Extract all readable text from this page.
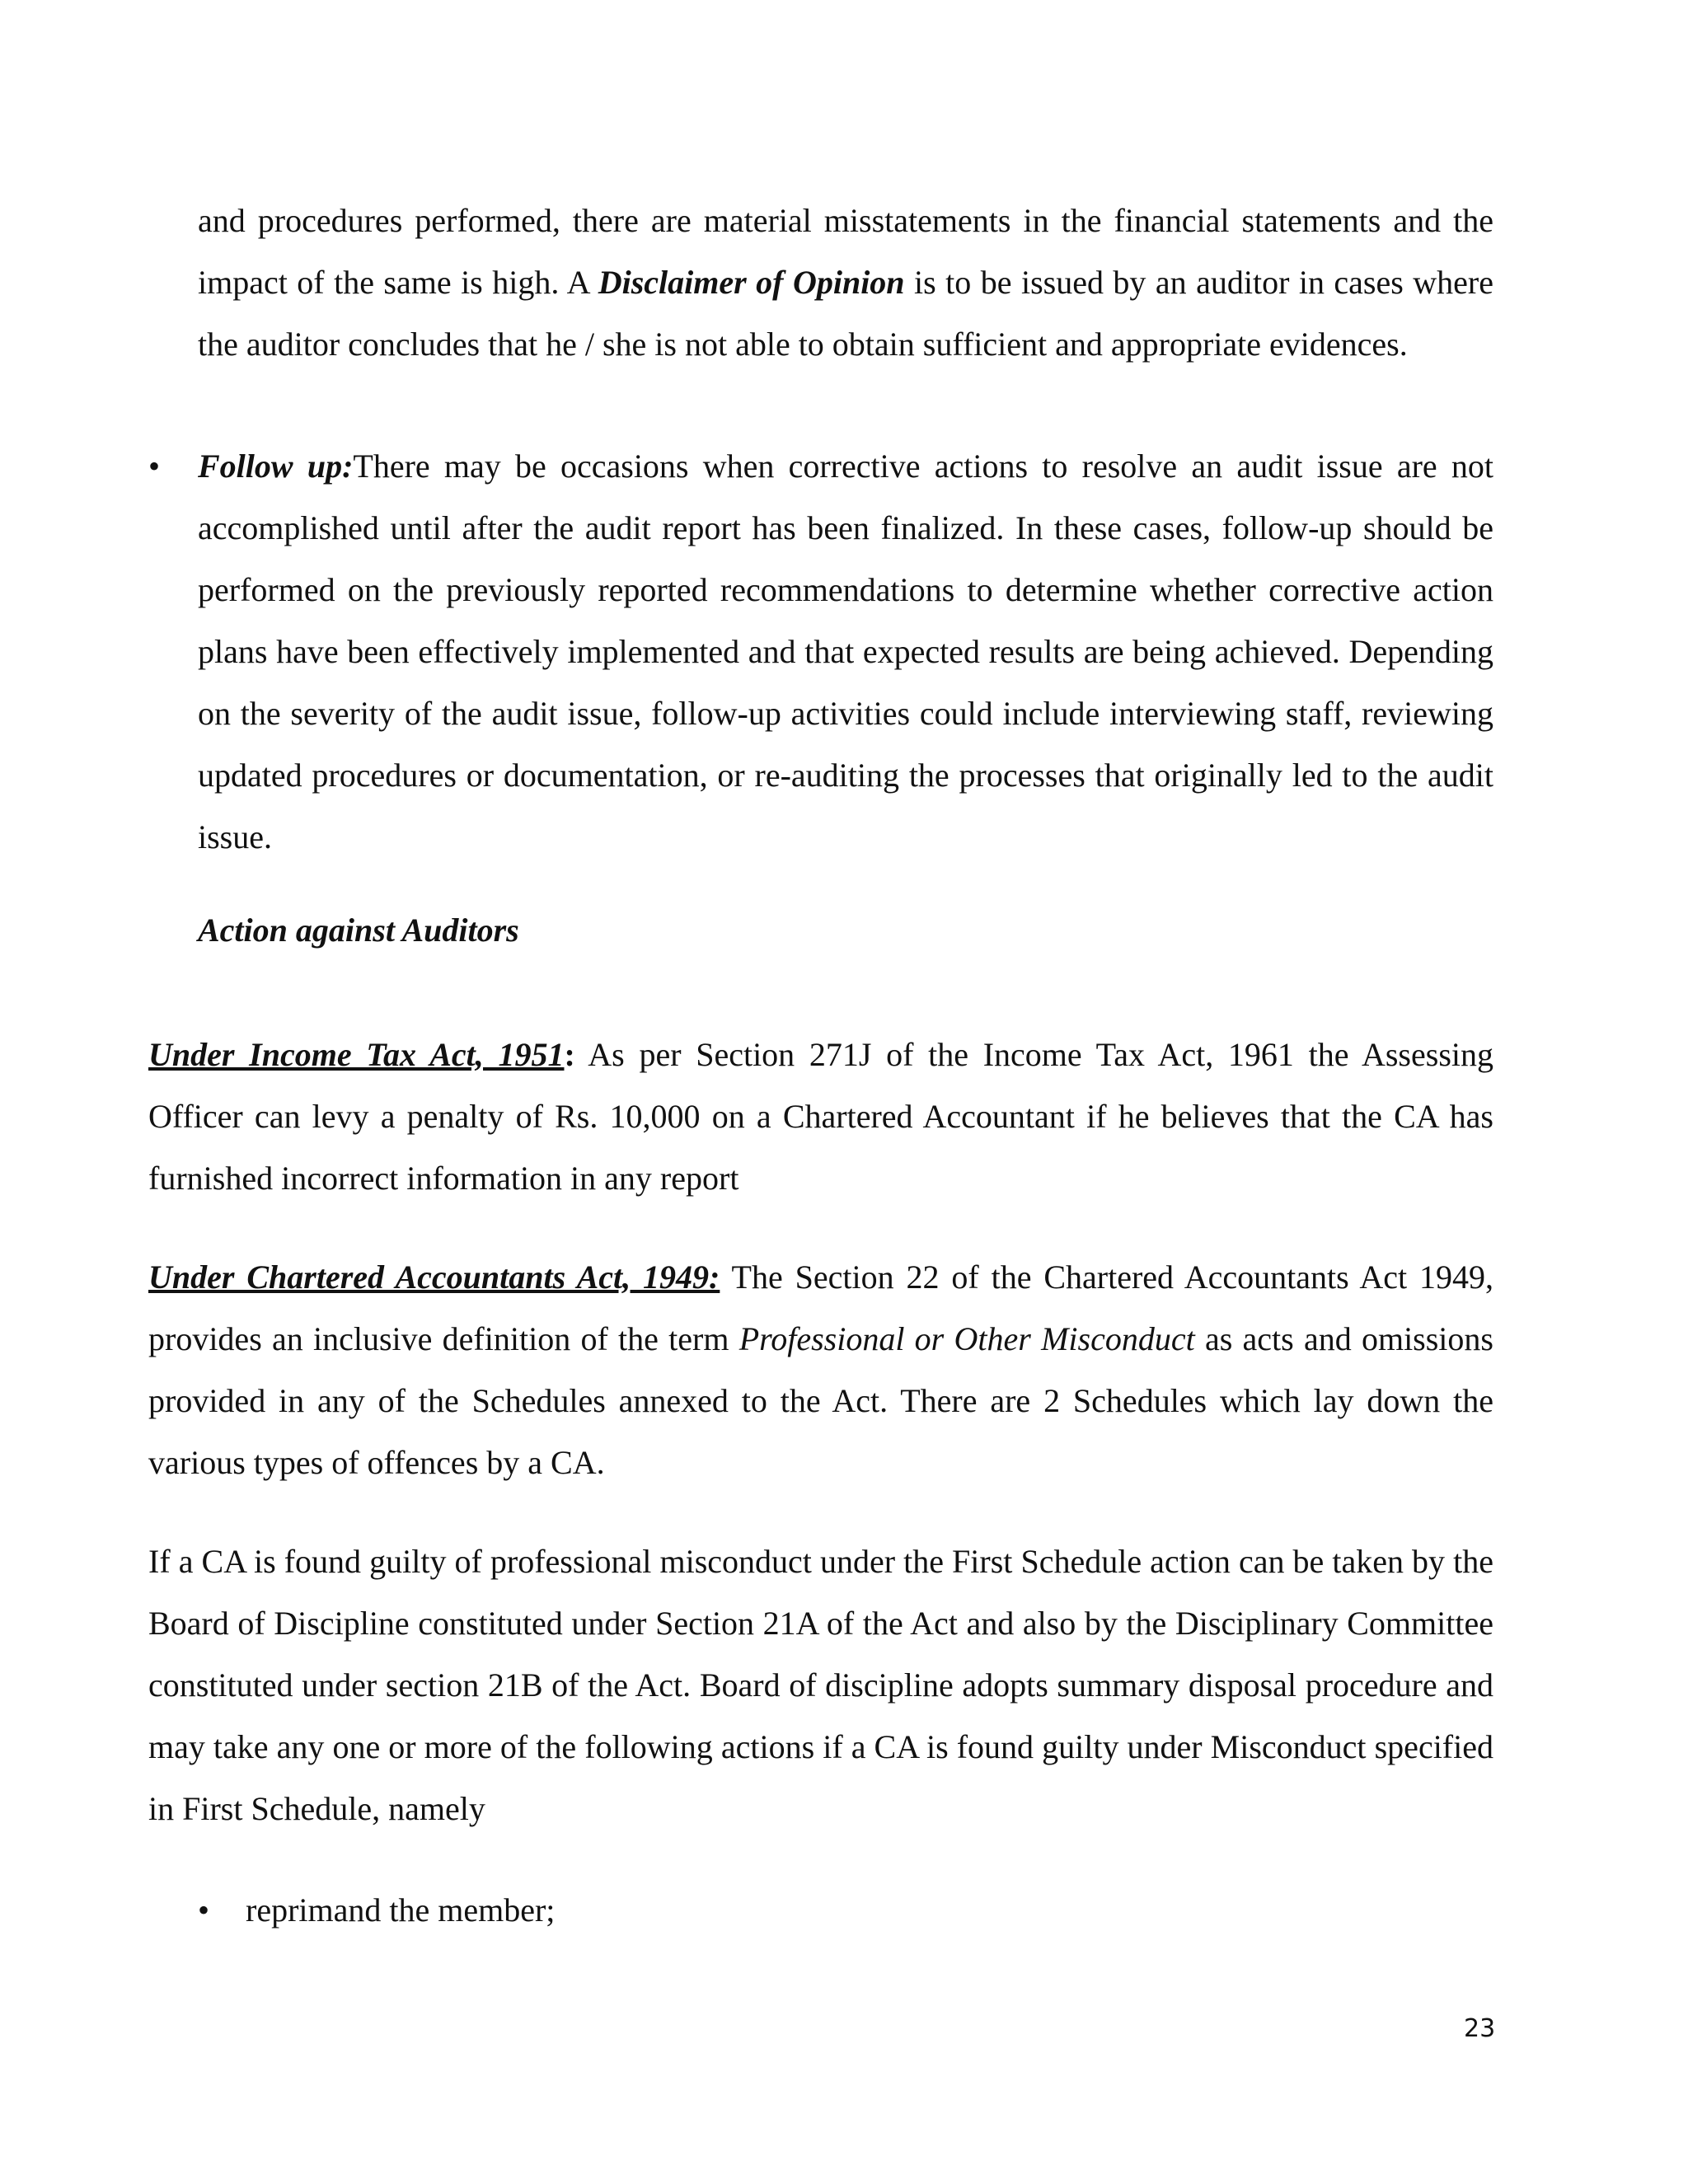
and procedures performed, there are material misstatements in the financial statements and the impact of the same is high. A Disclaimer of Opinion is to be issued by an auditor in cases where the auditor concludes that he / she is not able to obtain sufficient and appropriate evidences.
• Follow up:There may be occasions when corrective actions to resolve an audit issue are not accomplished until after the audit report has been finalized. In these cases, follow-up should be performed on the previously reported recommendations to determine whether corrective action plans have been effectively implemented and that expected results are being achieved. Depending on the severity of the audit issue, follow-up activities could include interviewing staff, reviewing updated procedures or documentation, or re-auditing the processes that originally led to the audit issue.
Action against Auditors
Under Income Tax Act, 1951: As per Section 271J of the Income Tax Act, 1961 the Assessing Officer can levy a penalty of Rs. 10,000 on a Chartered Accountant if he believes that the CA has furnished incorrect information in any report
Under Chartered Accountants Act, 1949: The Section 22 of the Chartered Accountants Act 1949, provides an inclusive definition of the term Professional or Other Misconduct as acts and omissions provided in any of the Schedules annexed to the Act. There are 2 Schedules which lay down the various types of offences by a CA.
If a CA is found guilty of professional misconduct under the First Schedule action can be taken by the Board of Discipline constituted under Section 21A of the Act and also by the Disciplinary Committee constituted under section 21B of the Act. Board of discipline adopts summary disposal procedure and may take any one or more of the following actions if a CA is found guilty under Misconduct specified in First Schedule, namely
• reprimand the member;
23
